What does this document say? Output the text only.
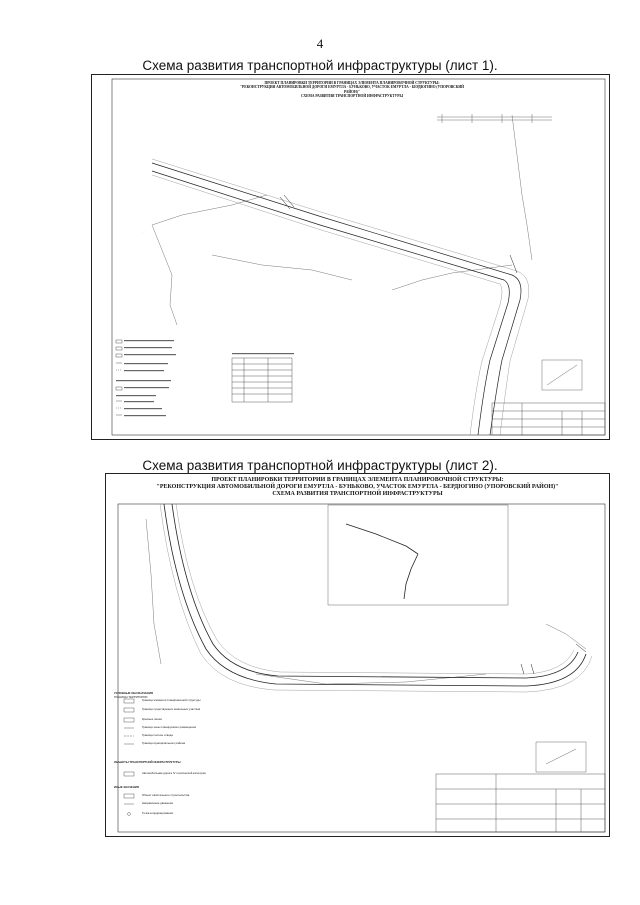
4
Схема развития транспортной инфраструктуры (лист 1).
ПРОЕКТ ПЛАНИРОВКИ ТЕРРИТОРИИ В ГРАНИЦАХ ЭЛЕМЕНТА ПЛАНИРОВОЧНОЙ СТРУКТУРЫ:
"РЕКОНСТРУКЦИЯ АВТОМОБИЛЬНОЙ ДОРОГИ ЕМУРТЛА - БУНЬКОВО, УЧАСТОК ЕМУРТЛА - БЕРДЮГИНО (УПОРОВСКИЙ РАЙОН)"
СХЕМА РАЗВИТИЯ ТРАНСПОРТНОЙ ИНФРАСТРУКТУРЫ
.
Схема развития транспортной инфраструктуры (лист 2).
ПРОЕКТ ПЛАНИРОВКИ ТЕРРИТОРИИ В ГРАНИЦАХ ЭЛЕМЕНТА ПЛАНИРОВОЧНОЙ СТРУКТУРЫ:
"РЕКОНСТРУКЦИЯ АВТОМОБИЛЬНОЙ ДОРОГИ ЕМУРТЛА - БУНЬКОВО, УЧАСТОК ЕМУРТЛА - БЕРДЮГИНО (УПОРОВСКИЙ РАЙОН)"
СХЕМА РАЗВИТИЯ ТРАНСПОРТНОЙ ИНФРАСТРУКТУРЫ
УСЛОВНЫЕ ОБОЗНАЧЕНИЯ
ГРАНИЦЫ ТЕРРИТОРИИ
Граница элемента планировочной структуры
Граница существующих земельных участков
Красные линии
Граница зоны планируемого размещения
Граница полосы отвода
Граница муниципального района
ОБЪЕКТЫ ТРАНСПОРТНОЙ ИНФРАСТРУКТУРЫ
Автомобильная дорога IV технической категории
ИНЫЕ ЗНАЧЕНИЯ
Объект капитального строительства
Направление движения
Точка координирования
